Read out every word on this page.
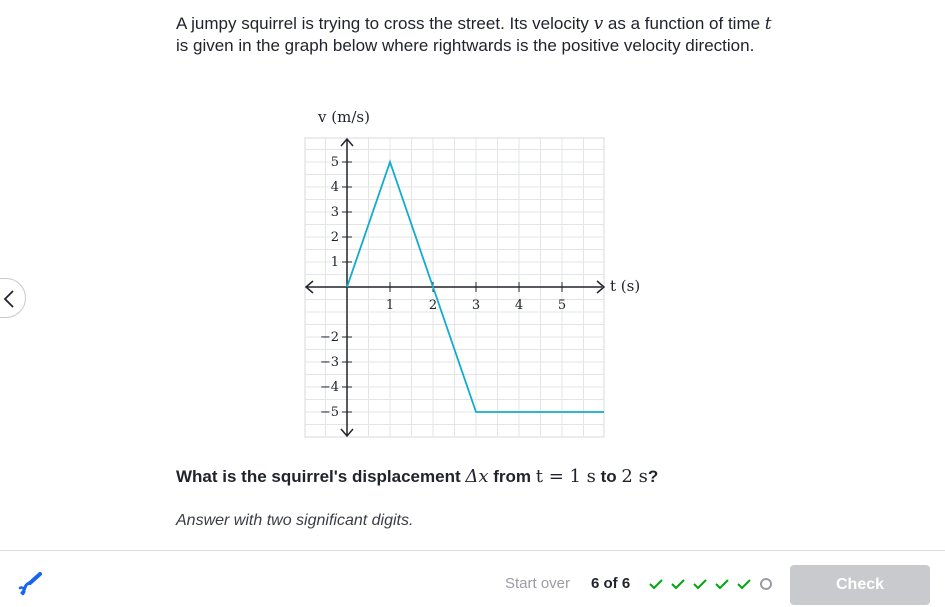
A jumpy squirrel is trying to cross the street. Its velocity v as a function of time t is given in the graph below where rightwards is the positive velocity direction.
v (m/s)
t (s)
1	2	3	4	5
−5
−4
−3
−2
1
2
3
4
5
What is the squirrel's displacement Δx from t = 1 s to 2 s?
Answer with two significant digits.
Start over 6 of 6	Check
